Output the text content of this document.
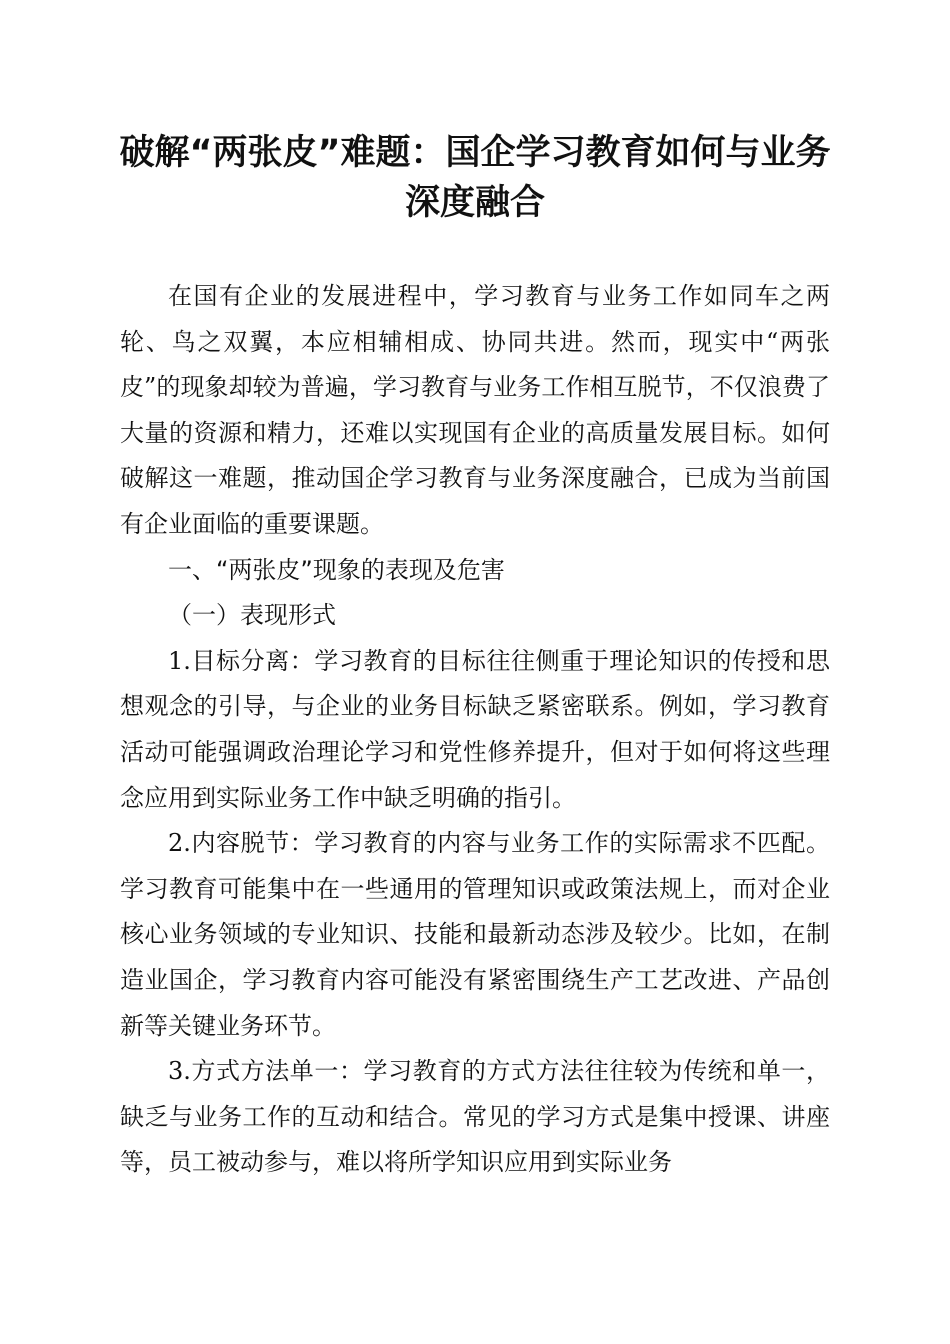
破解“两张皮”难题：国企学习教育如何与业务深度融合

在国有企业的发展进程中，学习教育与业务工作如同车之两轮、鸟之双翼，本应相辅相成、协同共进。然而，现实中“两张皮”的现象却较为普遍，学习教育与业务工作相互脱节，不仅浪费了大量的资源和精力，还难以实现国有企业的高质量发展目标。如何破解这一难题，推动国企学习教育与业务深度融合，已成为当前国有企业面临的重要课题。

一、“两张皮”现象的表现及危害

（一）表现形式

1.目标分离：学习教育的目标往往侧重于理论知识的传授和思想观念的引导，与企业的业务目标缺乏紧密联系。例如，学习教育活动可能强调政治理论学习和党性修养提升，但对于如何将这些理念应用到实际业务工作中缺乏明确的指引。

2.内容脱节：学习教育的内容与业务工作的实际需求不匹配。学习教育可能集中在一些通用的管理知识或政策法规上，而对企业核心业务领域的专业知识、技能和最新动态涉及较少。比如，在制造业国企，学习教育内容可能没有紧密围绕生产工艺改进、产品创新等关键业务环节。

3.方式方法单一：学习教育的方式方法往往较为传统和单一，缺乏与业务工作的互动和结合。常见的学习方式是集中授课、讲座等，员工被动参与，难以将所学知识应用到实际业务
